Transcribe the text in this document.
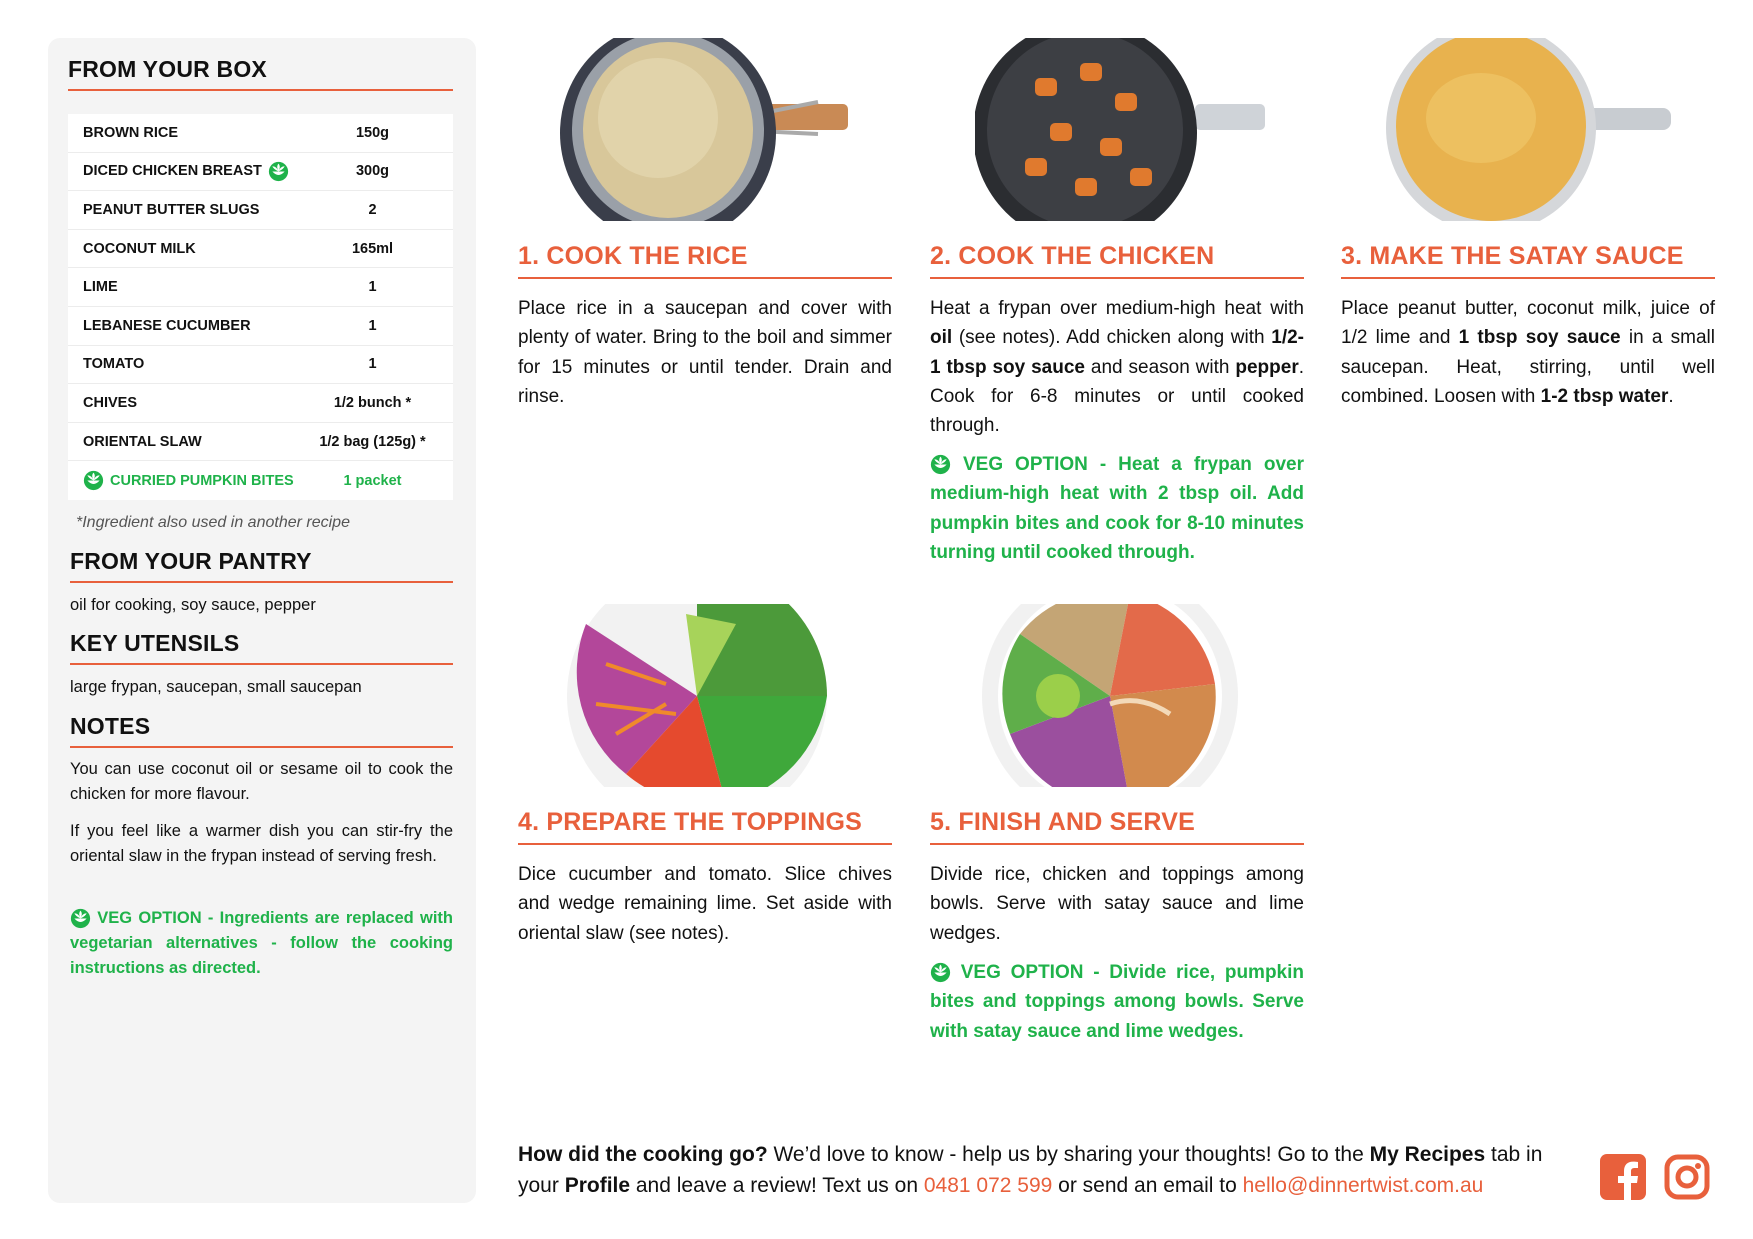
FROM YOUR BOX
BROWN RICE	150g
DICED CHICKEN BREAST	300g
PEANUT BUTTER SLUGS	2
COCONUT MILK	165ml
LIME	1
LEBANESE CUCUMBER	1
TOMATO	1
CHIVES	1/2 bunch *
ORIENTAL SLAW	1/2 bag (125g) *
CURRIED PUMPKIN BITES	1 packet
*Ingredient also used in another recipe
FROM YOUR PANTRY
oil for cooking, soy sauce, pepper
KEY UTENSILS
large frypan, saucepan, small saucepan
NOTES
You can use coconut oil or sesame oil to cook the chicken for more flavour.
If you feel like a warmer dish you can stir-fry the oriental slaw in the frypan instead of serving fresh.
VEG OPTION - Ingredients are replaced with vegetarian alternatives - follow the cooking instructions as directed.
1. COOK THE RICE
Place rice in a saucepan and cover with plenty of water. Bring to the boil and simmer for 15 minutes or until tender. Drain and rinse.
2. COOK THE CHICKEN
Heat a frypan over medium-high heat with oil (see notes). Add chicken along with 1/2-1 tbsp soy sauce and season with pepper. Cook for 6-8 minutes or until cooked through.
VEG OPTION - Heat a frypan over medium-high heat with 2 tbsp oil. Add pumpkin bites and cook for 8-10 minutes turning until cooked through.
3. MAKE THE SATAY SAUCE
Place peanut butter, coconut milk, juice of 1/2 lime and 1 tbsp soy sauce in a small saucepan. Heat, stirring, until well combined. Loosen with 1-2 tbsp water.
4. PREPARE THE TOPPINGS
Dice cucumber and tomato. Slice chives and wedge remaining lime. Set aside with oriental slaw (see notes).
5. FINISH AND SERVE
Divide rice, chicken and toppings among bowls. Serve with satay sauce and lime wedges.
VEG OPTION - Divide rice, pumpkin bites and toppings among bowls. Serve with satay sauce and lime wedges.
How did the cooking go? We’d love to know - help us by sharing your thoughts! Go to the My Recipes tab in your Profile and leave a review! Text us on 0481 072 599 or send an email to hello@dinnertwist.com.au
